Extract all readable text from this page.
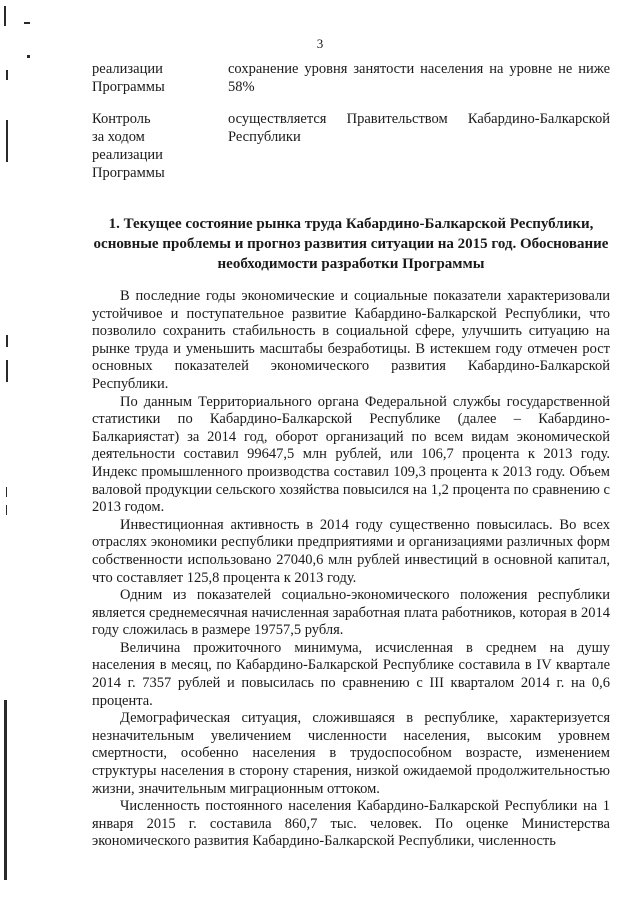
3
реализации
Программы
сохранение уровня занятости населения на уровне не ниже 58%
Контроль
за ходом
реализации
Программы
осуществляется Правительством Кабардино-Балкарской Республики
1. Текущее состояние рынка труда Кабардино-Балкарской Республики, основные проблемы и прогноз развития ситуации на 2015 год. Обоснование необходимости разработки Программы

В последние годы экономические и социальные показатели характеризовали устойчивое и поступательное развитие Кабардино-Балкарской Республики, что позволило сохранить стабильность в социальной сфере, улучшить ситуацию на рынке труда и уменьшить масштабы безработицы. В истекшем году отмечен рост основных показателей экономического развития Кабардино-Балкарской Республики.

По данным Территориального органа Федеральной службы государственной статистики по Кабардино-Балкарской Республике (далее – Кабардино-Балкариястат) за 2014 год, оборот организаций по всем видам экономической деятельности составил 99647,5 млн рублей, или 106,7 процента к 2013 году. Индекс промышленного производства составил 109,3 процента к 2013 году. Объем валовой продукции сельского хозяйства повысился на 1,2 процента по сравнению с 2013 годом.

Инвестиционная активность в 2014 году существенно повысилась. Во всех отраслях экономики республики предприятиями и организациями различных форм собственности использовано 27040,6 млн рублей инвестиций в основной капитал, что составляет 125,8 процента к 2013 году.

Одним из показателей социально-экономического положения республики является среднемесячная начисленная заработная плата работников, которая в 2014 году сложилась в размере 19757,5 рубля.

Величина прожиточного минимума, исчисленная в среднем на душу населения в месяц, по Кабардино-Балкарской Республике составила в IV квартале 2014 г. 7357 рублей и повысилась по сравнению с III кварталом 2014 г. на 0,6 процента.

Демографическая ситуация, сложившаяся в республике, характеризуется незначительным увеличением численности населения, высоким уровнем смертности, особенно населения в трудоспособном возрасте, изменением структуры населения в сторону старения, низкой ожидаемой продолжительностью жизни, значительным миграционным оттоком.

Численность постоянного населения Кабардино-Балкарской Республики на 1 января 2015 г. составила 860,7 тыс. человек. По оценке Министерства экономического развития Кабардино-Балкарской Республики, численность
